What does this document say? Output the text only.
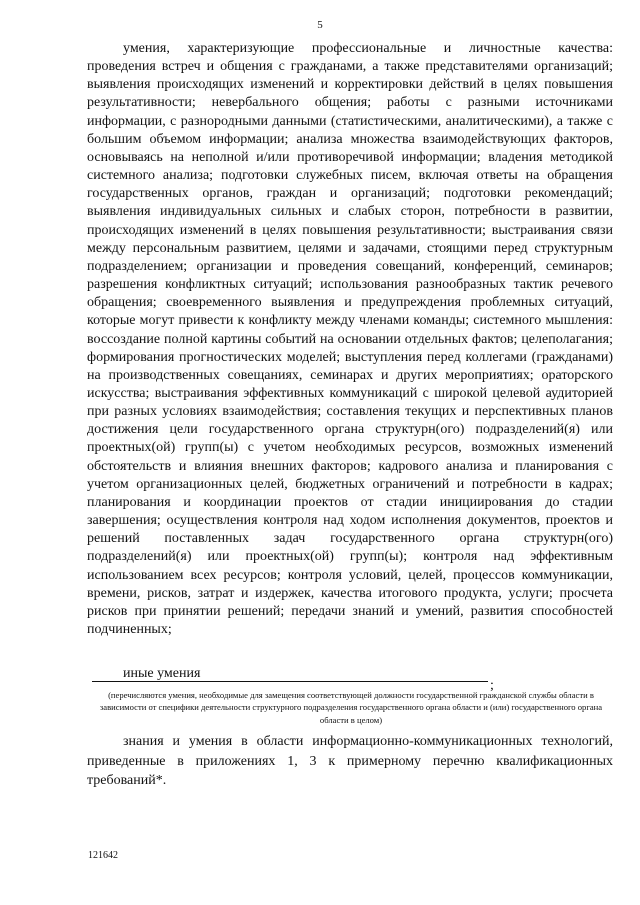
5

умения, характеризующие профессиональные и личностные качества: проведения встреч и общения с гражданами, а также представителями организаций; выявления происходящих изменений и корректировки действий в целях повышения результативности; невербального общения; работы с разными источниками информации, с разнородными данными (статистическими, аналитическими), а также с большим объемом информации; анализа множества взаимодействующих факторов, основываясь на неполной и/или противоречивой информации; владения методикой системного анализа; подготовки служебных писем, включая ответы на обращения государственных органов, граждан и организаций; подготовки рекомендаций; выявления индивидуальных сильных и слабых сторон, потребности в развитии, происходящих изменений в целях повышения результативности; выстраивания связи между персональным развитием, целями и задачами, стоящими перед структурным подразделением; организации и проведения совещаний, конференций, семинаров; разрешения конфликтных ситуаций; использования разнообразных тактик речевого обращения; своевременного выявления и предупреждения проблемных ситуаций, которые могут привести к конфликту между членами команды; системного мышления: воссоздание полной картины событий на основании отдельных фактов; целеполагания; формирования прогностических моделей; выступления перед коллегами (гражданами) на производственных совещаниях, семинарах и других мероприятиях; ораторского искусства; выстраивания эффективных коммуникаций с широкой целевой аудиторией при разных условиях взаимодействия; составления текущих и перспективных планов достижения цели государственного органа структурн(ого) подразделений(я) или проектных(ой) групп(ы) с учетом необходимых ресурсов, возможных изменений обстоятельств и влияния внешних факторов; кадрового анализа и планирования с учетом организационных целей, бюджетных ограничений и потребности в кадрах; планирования и координации проектов от стадии инициирования до стадии завершения; осуществления контроля над ходом исполнения документов, проектов и решений поставленных задач государственного органа структурн(ого) подразделений(я) или проектных(ой) групп(ы); контроля над эффективным использованием всех ресурсов; контроля условий, целей, процессов коммуникации, времени, рисков, затрат и издержек, качества итогового продукта, услуги; просчета рисков при принятии решений; передачи знаний и умений, развития способностей подчиненных;

иные умения

;

(перечисляются умения, необходимые для замещения соответствующей должности государственной гражданской службы области в зависимости от специфики деятельности структурного подразделения государственного органа области и (или) государственного органа области в целом)

знания и умения в области информационно-коммуникационных технологий, приведенные в приложениях 1, 3 к примерному перечню квалификационных требований*.

121642
